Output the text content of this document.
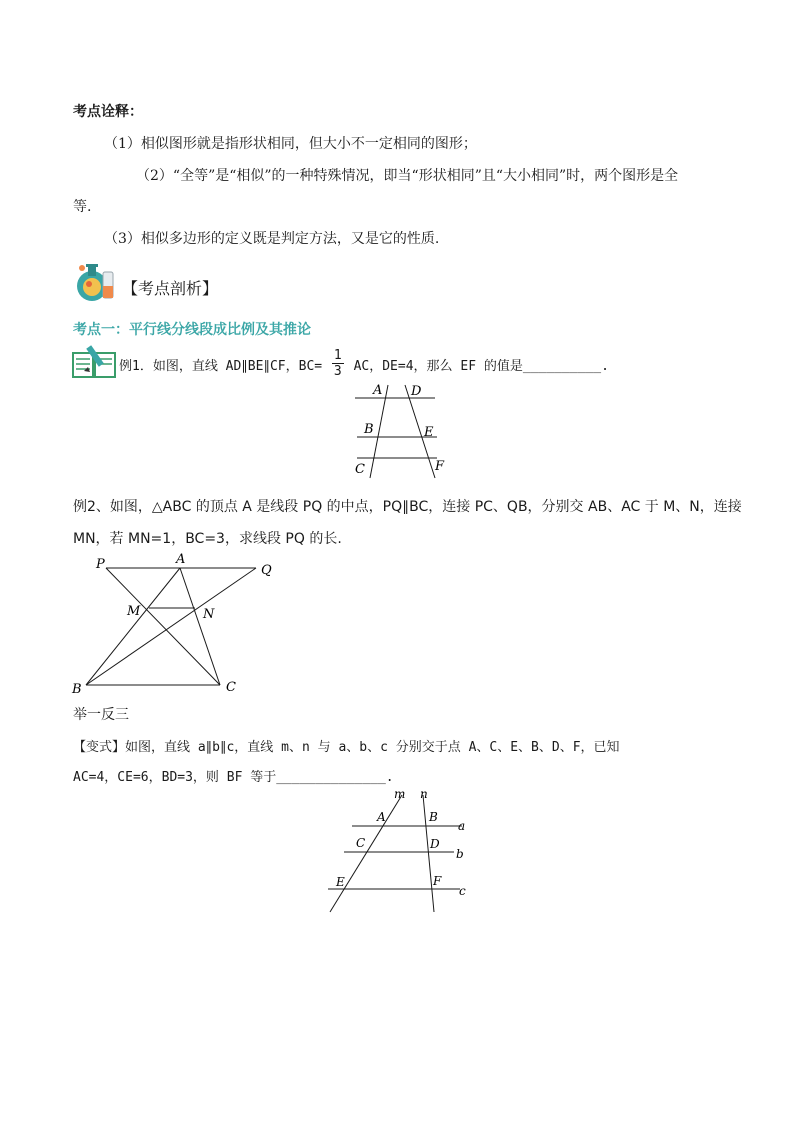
考点诠释：
（1）相似图形就是指形状相同，但大小不一定相同的图形；
（2）“全等”是“相似”的一种特殊情况，即当“形状相同”且“大小相同”时，两个图形是全
等.
（3）相似多边形的定义既是判定方法，又是它的性质.
【考点剖析】
考点一：平行线分线段成比例及其推论
例1．如图，直线 AD∥BE∥CF，$BC= \frac{1}{3}$ AC，DE=4，那么 EF 的值是__________.
A D
B	E
C	F
例2、如图，△ABC 的顶点 A 是线段 PQ 的中点，PQ∥BC，连接 PC、QB，分别交 AB、AC 于 M、N，连接
MN，若 MN=1，BC=3，求线段 PQ 的长.
P	A
Q
M	N
B	C
举一反三
【变式】如图，直线 a∥b∥c，直线 m、n 与 a、b、c 分别交于点 A、C、E、B、D、F，已知
AC=4，CE=6，BD=3，则 BF 等于______________.
m n
A	B
a
C	D
b
E	F
c
